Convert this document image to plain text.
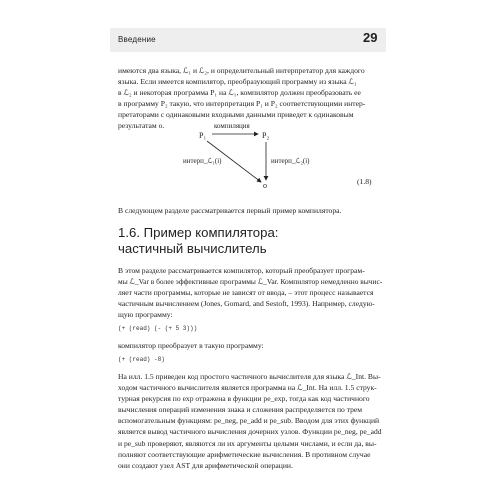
Введение	29
имеются два языка, ℒ₁ и ℒ₂, и определительный интерпретатор для каждого
языка. Если имеется компилятор, преобразующий программу из языка ℒ₁
в ℒ₂ и некоторая программа P₁ на ℒ₁, компилятор должен преобразовать ее
в программу P₂ такую, что интерпретация P₁ и P₂ соответствующими интер-
претаторами с одинаковыми входными данными приведет к одинаковым
результатам o.
P₁	P₂
o
компиляция
интерп_ℒ₁(i)	интерп_ℒ₂(i)
(1.8)
В следующем разделе рассматривается первый пример компилятора.
1.6. Пример компилятора:
частичный вычислитель
В этом разделе рассматривается компилятор, который преобразует програм-
мы ℒ_Var в более эффективные программы ℒ_Var. Компилятор немедленно вычис-
ляет части программы, которые не зависят от ввода, – этот процесс называется
частичным вычислением (Jones, Gomard, and Sestoft, 1993). Например, следую-
щую программу:
(+ (read) (- (+ 5 3)))
компилятор преобразует в такую программу:
(+ (read) -8)
На илл. 1.5 приведен код простого частичного вычислителя для языка ℒ_Int. Вы-
ходом частичного вычислителя является программа на ℒ_Int. На илл. 1.5 струк-
турная рекурсия по exp отражена в функции pe_exp, тогда как код частичного
вычисления операций изменения знака и сложения распределяется по трем
вспомогательным функциям: pe_neg, pe_add и pe_sub. Вводом для этих функций
является вывод частичного вычисления дочерних узлов. Функции pe_neg, pe_add
и pe_sub проверяют, являются ли их аргументы целыми числами, и если да, вы-
полняют соответствующие арифметические вычисления. В противном случае
они создают узел AST для арифметической операции.
